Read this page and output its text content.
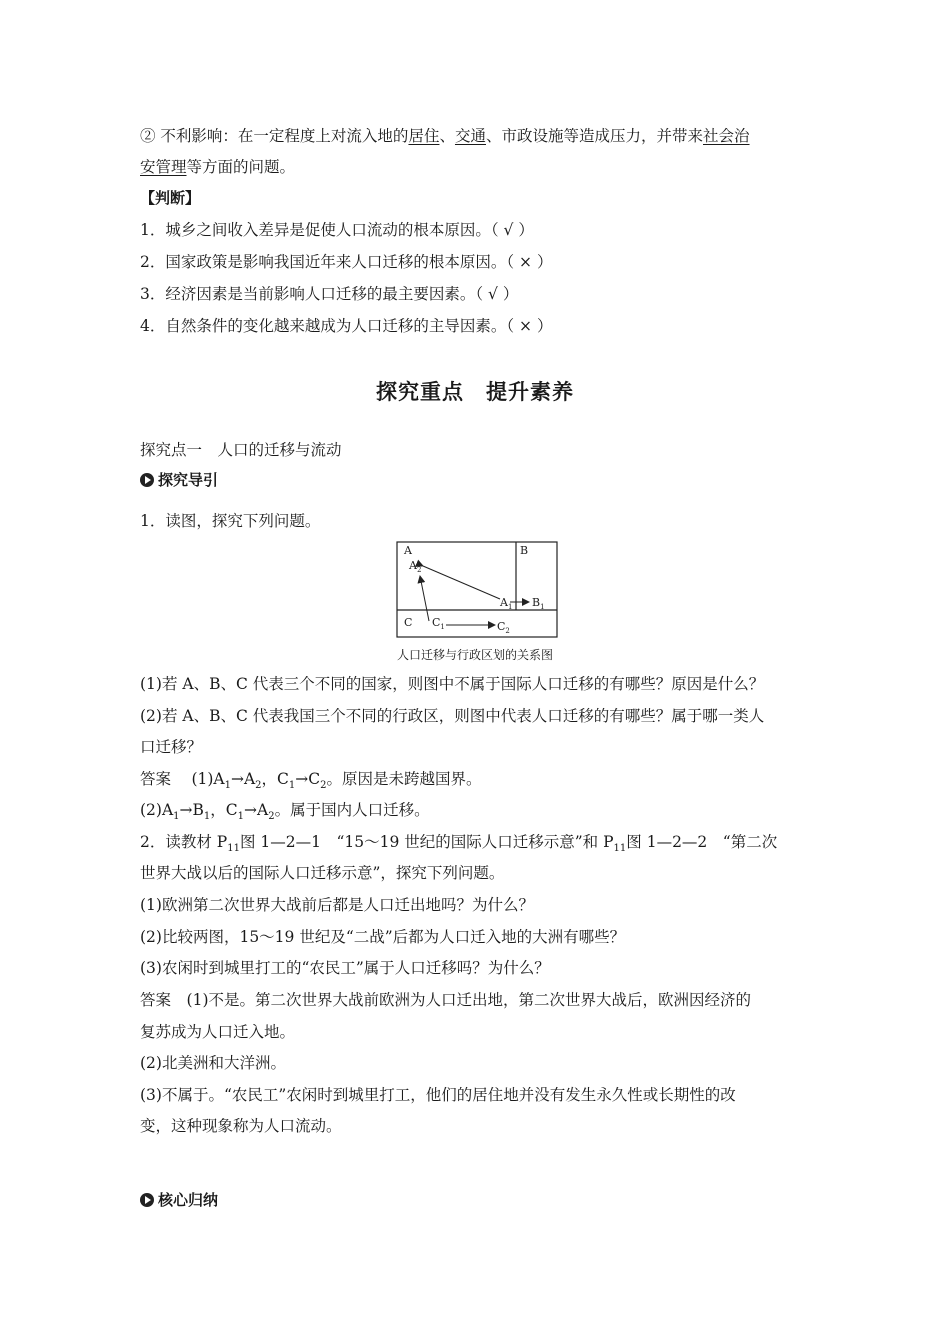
② 不利影响：在一定程度上对流入地的居住、交通、市政设施等造成压力，并带来社会治
安管理等方面的问题。
【判断】
1．城乡之间收入差异是促使人口流动的根本原因。（ √ ）
2．国家政策是影响我国近年来人口迁移的根本原因。（ × ）
3．经济因素是当前影响人口迁移的最主要因素。（ √ ）
4．自然条件的变化越来越成为人口迁移的主导因素。（ × ）
探究重点　提升素养
探究点一　人口的迁移与流动
探究导引
1．读图，探究下列问题。
A	B
C
$A_2$
$A_1$ $B_1$
$C_1$	$C_2$
人口迁移与行政区划的关系图
(1)若 A、B、C 代表三个不同的国家，则图中不属于国际人口迁移的有哪些？原因是什么？
(2)若 A、B、C 代表我国三个不同的行政区，则图中代表人口迁移的有哪些？属于哪一类人
口迁移？
答案　 $(1)A_1\to A_2$，$C_1\to C_2$。原因是未跨越国界。
$(2)A_1\to B_1$，$C_1\to A_2$。属于国内人口迁移。
2．读教材 $P_{11}$图 1—2—1　“15～19 世纪的国际人口迁移示意”和 $P_{11}$图 1—2—2　“第二次
世界大战以后的国际人口迁移示意”，探究下列问题。
(1)欧洲第二次世界大战前后都是人口迁出地吗？为什么？
(2)比较两图，15～19 世纪及“二战”后都为人口迁入地的大洲有哪些？
(3)农闲时到城里打工的“农民工”属于人口迁移吗？为什么？
答案　 (1)不是。第二次世界大战前欧洲为人口迁出地，第二次世界大战后，欧洲因经济的
复苏成为人口迁入地。
(2)北美洲和大洋洲。
(3)不属于。“农民工”农闲时到城里打工，他们的居住地并没有发生永久性或长期性的改
变，这种现象称为人口流动。
核心归纳
